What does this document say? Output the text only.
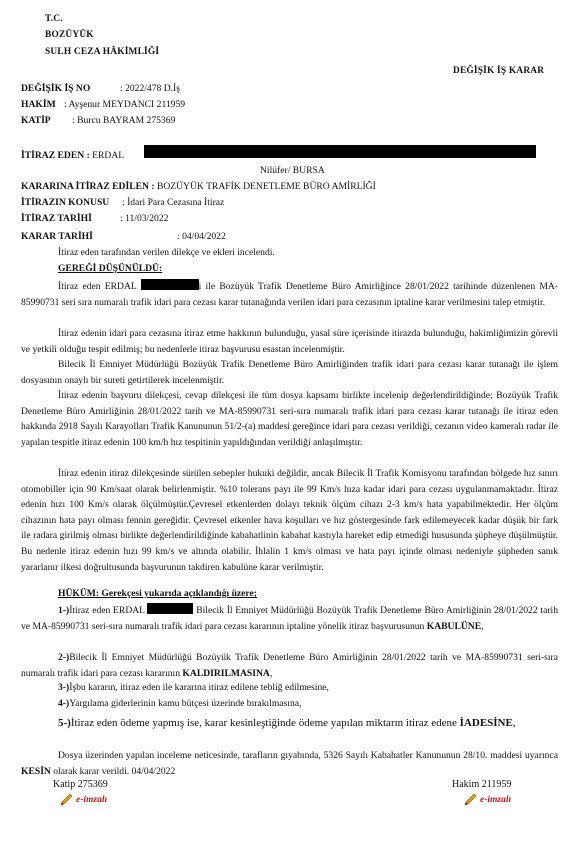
T.C.
BOZÜYÜK
SULH CEZA HÂKİMLİĞİ
DEĞİŞİK İŞ KARAR
DEĞİŞİK İŞ NO	: 2022/478 D.İş
HAKİM : Ayşenur MEYDANCI 211959
KATİP : Burcu BAYRAM 275369
İTİRAZ EDEN : ERDAL
Nilüfer/ BURSA
KARARINA İTİRAZ EDİLEN : BOZÜYÜK TRAFİK DENETLEME BÜRO AMİRLİĞİ
İTİRAZIN KONUSU : İdari Para Cezasına İtiraz
İTİRAZ TARİHİ	: 11/03/2022
KARAR TARİHİ	: 04/04/2022
İtiraz eden tarafından verilen dilekçe ve ekleri incelendi.
GEREĞİ DÜŞÜNÜLDÜ:
İtiraz eden ERDAL	i ile Bozüyük Trafik Denetleme Büro Amirliğince 28/01/2022 tarihinde düzenlenen MA-85990731 seri sıra numaralı trafik idari para cezası karar tutanağında verilen idari para cezasının iptaline karar verilmesini talep etmiştir.
İtiraz edenin idari para cezasına itiraz etme hakkının bulunduğu, yasal süre içerisinde itirazda bulunduğu, hakimliğimizin görevli ve yetkili olduğu tespit edilmiş; bu nedenlerle itiraz başvurusu esastan incelenmiştir.
Bilecik İl Emniyet Müdürlüğü Bozüyük Trafik Denetleme Büro Amirliğinden trafik idari para cezası karar tutanağı ile işlem dosyasının onaylı bir sureti getirtilerek incelenmiştir.
İtiraz edenin başvuru dilekçesi, cevap dilekçesi ile tüm dosya kapsamı birlikte incelenip değerlendirildiğinde; Bozüyük Trafik Denetleme Büro Amirliğinin 28/01/2022 tarih ve MA-85990731 seri-sıra numaralı trafik idari para cezası karar tutanağı ile itiraz eden hakkında 2918 Sayılı Karayolları Trafik Kanununun 51/2-(a) maddesi gereğince idari para cezası verildiği, cezanın video kameralı radar ile yapılan tespitle itiraz edenin 100 km/h hız tespitinin yapıldığından verildiği anlaşılmıştır.
İtiraz edenin itiraz dilekçesinde sürülen sebepler hukuki değildir, ancak Bilecik İl Trafik Komisyonu tarafından bölgede hız sınırı otomobiller için 90 Km/saat olarak belirlenmiştir. %10 tolerans payı ile 99 Km/s hıza kadar idari para cezası uygulanmamaktadır. İtiraz edenin hızı 100 Km/s olarak ölçülmüştür.Çevresel etkenlerden dolayı teknik ölçüm cihazı 2-3 km/s hata yapabilmektedir. Her ölçüm cihazının hata payı olması fennin gereğidir. Çevresel etkenler hava koşulları ve hız göstergesinde fark edilemeyecek kadar düşük bir fark ile radara girilmiş olması birlikte değerlendirildiğinde kabahatlinin kabahat kastıyla hareket edip etmediği hususunda şüpheye düşülmüştür. Bu nedenle itiraz edenin hızı 99 km/s ve altında olabilir. İhlalin 1 km/s olması ve hata payı içinde olması nedeniyle şüpheden sanık yararlanır ilkesi doğrultusunda başvurunun takdiren kabulüne karar verilmiştir.
HÜKÜM: Gerekçesi yukarıda açıklandığı üzere;
1-)İtiraz eden ERDAL	Bilecik İl Emniyet Müdürlüğü Bozüyük Trafik Denetleme Büro Amirliğinin 28/01/2022 tarih ve MA-85990731 seri-sıra numaralı trafik idari para cezası kararının iptaline yönelik itiraz başvurusunun KABULÜNE,
2-)Bilecik İl Emniyet Müdürlüğü Bozüyük Trafik Denetleme Büro Amirliğinin 28/01/2022 tarih ve MA-85990731 seri-sıra numaralı trafik idari para cezası kararının KALDIRILMASINA,
3-)İşbu kararın, itiraz eden ile kararına itiraz edilene tebliğ edilmesine,
4-)Yargılama giderlerinin kamu bütçesi üzerinde bırakılmasına,
5-)İtiraz eden ödeme yapmış ise, karar kesinleştiğinde ödeme yapılan miktarın itiraz edene İADESİNE,
Dosya üzerinden yapılan inceleme neticesinde, tarafların gıyabında, 5326 Sayılı Kabahatler Kanununun 28/10. maddesi uyarınca KESİN olarak karar verildi. 04/04/2022
Katip 275369
e-imzalı
Hakim 211959
e-imzalı
